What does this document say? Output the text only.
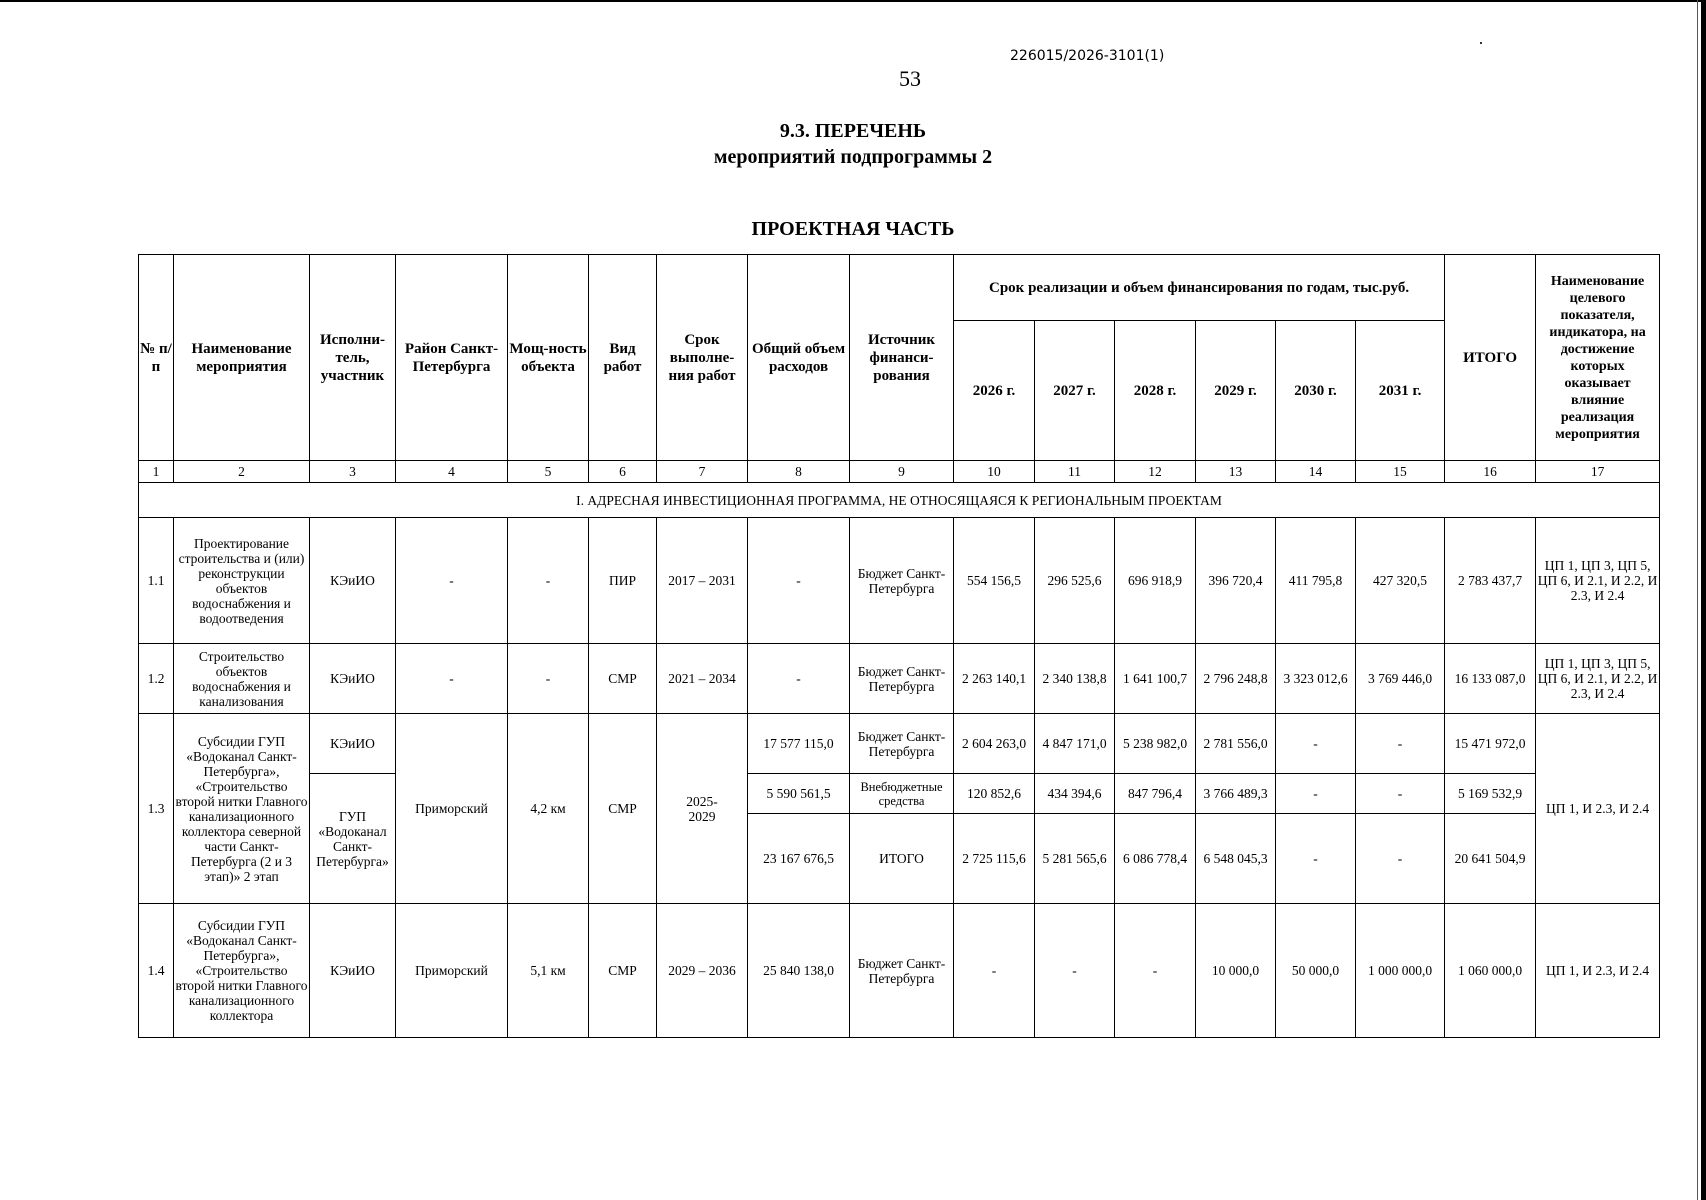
226015/2026-3101(1)
53
9.3. ПЕРЕЧЕНЬ
мероприятий подпрограммы 2
ПРОЕКТНАЯ ЧАСТЬ
№ п/п	Наименование мероприятия	Исполни-тель, участник	Район Санкт-Петербурга	Мощ-ность объекта	Вид работ	Срок выполне-ния работ	Общий объем расходов	Источник финанси-рования	Срок реализации и объем финансирования по годам, тыс.руб.						ИТОГО	Наименование целевого показателя, индикатора, на достижение которых оказывает влияние реализация мероприятия
									2026 г.	2027 г.	2028 г.	2029 г.	2030 г.	2031 г.		
1	2	3	4	5	6	7	8	9	10	11	12	13	14	15	16	17
I. АДРЕСНАЯ ИНВЕСТИЦИОННАЯ ПРОГРАММА, НЕ ОТНОСЯЩАЯСЯ К РЕГИОНАЛЬНЫМ ПРОЕКТАМ																
1.1	Проектирование строительства и (или) реконструкции объектов водоснабжения и водоотведения	КЭиИО	-	-	ПИР	2017 – 2031	-	Бюджет Санкт-Петербурга	554 156,5	296 525,6	696 918,9	396 720,4	411 795,8	427 320,5	2 783 437,7	ЦП 1, ЦП 3, ЦП 5, ЦП 6, И 2.1, И 2.2, И 2.3, И 2.4
1.2	Строительство объектов водоснабжения и канализования	КЭиИО	-	-	СМР	2021 – 2034	-	Бюджет Санкт-Петербурга	2 263 140,1	2 340 138,8	1 641 100,7	2 796 248,8	3 323 012,6	3 769 446,0	16 133 087,0	ЦП 1, ЦП 3, ЦП 5, ЦП 6, И 2.1, И 2.2, И 2.3, И 2.4
1.3	Субсидии ГУП «Водоканал Санкт-Петербурга», «Строительство второй нитки Главного канализационного коллектора северной части Санкт-Петербурга (2 и 3 этап)» 2 этап	КЭиИО	Приморский	4,2 км	СМР	2025-2029	17 577 115,0	Бюджет Санкт-Петербурга	2 604 263,0	4 847 171,0	5 238 982,0	2 781 556,0	-	-	15 471 972,0	ЦП 1, И 2.3, И 2.4
		ГУП «Водоканал Санкт-Петербурга»					5 590 561,5	Внебюджетные средства	120 852,6	434 394,6	847 796,4	3 766 489,3	-	-	5 169 532,9	
							23 167 676,5	ИТОГО	2 725 115,6	5 281 565,6	6 086 778,4	6 548 045,3	-	-	20 641 504,9	
1.4	Субсидии ГУП «Водоканал Санкт-Петербурга», «Строительство второй нитки Главного канализационного коллектора	КЭиИО	Приморский	5,1 км	СМР	2029 – 2036	25 840 138,0	Бюджет Санкт-Петербурга	-	-	-	10 000,0	50 000,0	1 000 000,0	1 060 000,0	ЦП 1, И 2.3, И 2.4
